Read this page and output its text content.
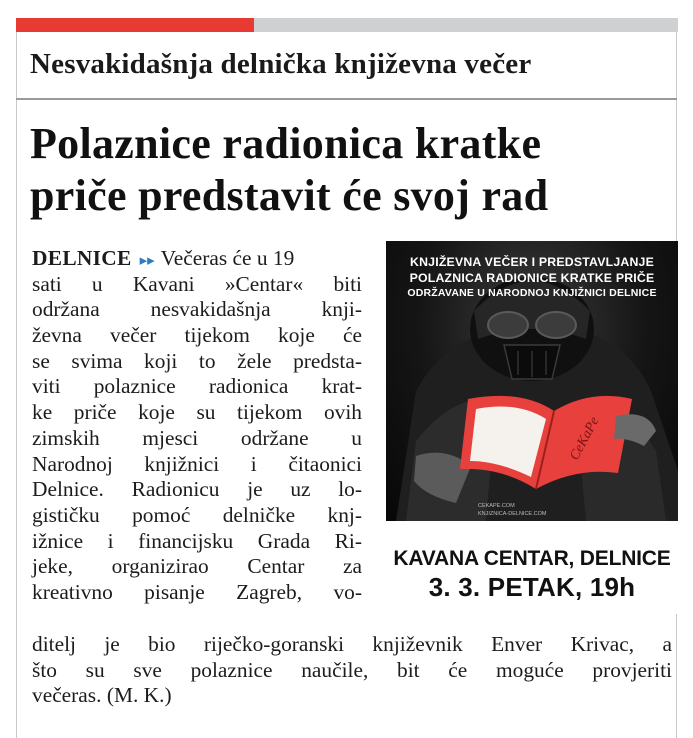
Nesvakidašnja delnička književna večer
Polaznice radionica kratke
priče predstavit će svoj rad
DELNICE ▸▸ Večeras će u 19
sati u Kavani »Centar« biti
održana nesvakidašnja knji-
ževna večer tijekom koje će
se svima koji to žele predsta-
viti polaznice radionica krat-
ke priče koje su tijekom ovih
zimskih mjesci održane u
Narodnoj knjižnici i čitaonici
Delnice. Radionicu je uz lo-
gističku pomoć delničke knj-
ižnice i financijsku Grada Ri-
jeke, organizirao Centar za
kreativno pisanje Zagreb, vo-
ditelj je bio riječko-goranski književnik Enver Krivac, a
što su sve polaznice naučile, bit će moguće provjeriti
večeras. (M. K.)
KNJIŽEVNA VEČER I PREDSTAVLJANJE
POLAZNICA RADIONICE KRATKE PRIČE
ODRŽAVANE U NARODNOJ KNJIŽNICI DELNICE
CeKaPe
CEKAPE.COM
KNJIZNICA-DELNICE.COM
KAVANA CENTAR, DELNICE
3. 3. PETAK, 19h
